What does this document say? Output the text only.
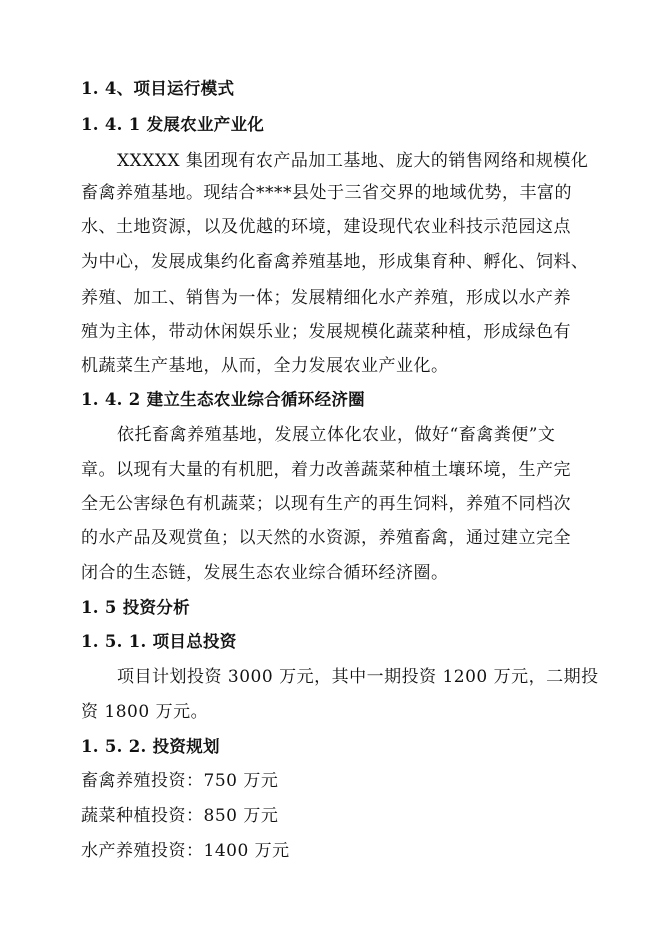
1. 4、项目运行模式
1. 4. 1 发展农业产业化
XXXXX 集团现有农产品加工基地、庞大的销售网络和规模化
畜禽养殖基地。现结合****县处于三省交界的地域优势，丰富的
水、土地资源，以及优越的环境，建设现代农业科技示范园这点
为中心，发展成集约化畜禽养殖基地，形成集育种、孵化、饲料、
养殖、加工、销售为一体；发展精细化水产养殖，形成以水产养
殖为主体，带动休闲娱乐业；发展规模化蔬菜种植，形成绿色有
机蔬菜生产基地，从而，全力发展农业产业化。
1. 4. 2 建立生态农业综合循环经济圈
依托畜禽养殖基地，发展立体化农业，做好“畜禽粪便”文
章。以现有大量的有机肥，着力改善蔬菜种植土壤环境，生产完
全无公害绿色有机蔬菜；以现有生产的再生饲料，养殖不同档次
的水产品及观赏鱼；以天然的水资源，养殖畜禽，通过建立完全
闭合的生态链，发展生态农业综合循环经济圈。
1. 5 投资分析
1. 5. 1. 项目总投资
项目计划投资 3000 万元，其中一期投资 1200 万元，二期投
资 1800 万元。
1. 5. 2. 投资规划
畜禽养殖投资：750 万元
蔬菜种植投资：850 万元
水产养殖投资：1400 万元
